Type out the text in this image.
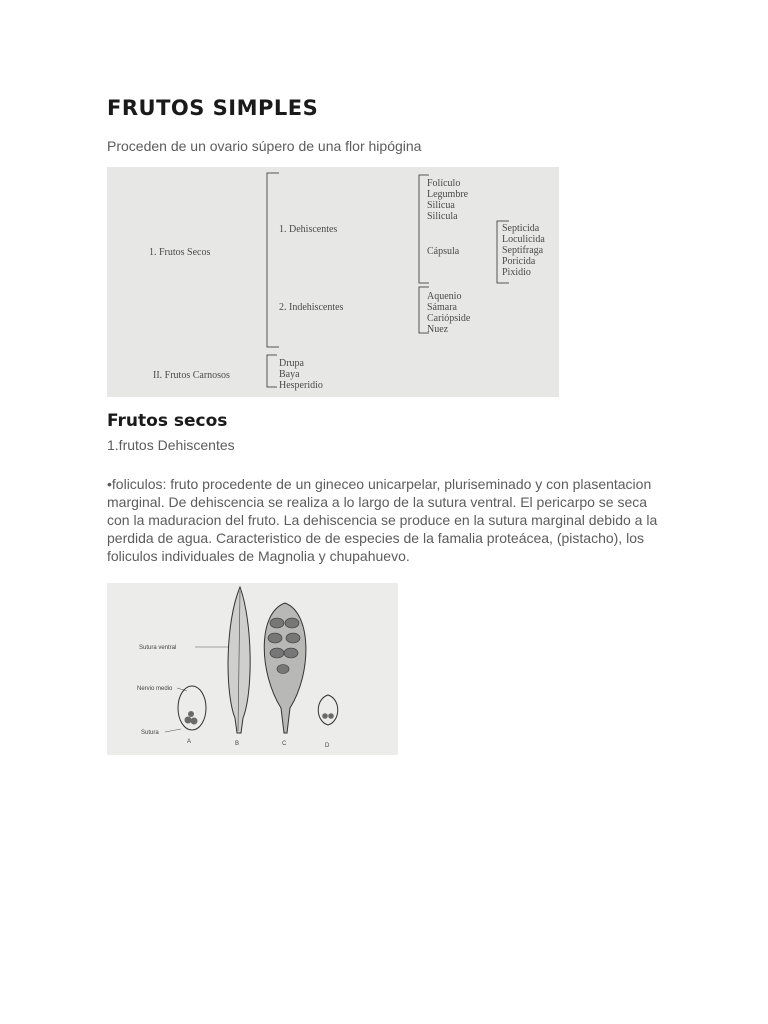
FRUTOS SIMPLES

Proceden de un ovario súpero de una flor hipógina

1. Frutos Secos
II. Frutos Carnosos
1. Dehiscentes
2. Indehiscentes
Folículo
Legumbre
Silicua
Silicula
Cápsula
Septicida
Loculicida
Septifraga
Poricida
Pixidio
Aquenio
Sámara
Cariópside
Nuez
Drupa
Baya
Hesperidio
Frutos secos

1.frutos Dehiscentes

•foliculos: fruto procedente de un gineceo unicarpelar, pluriseminado y con plasentacion marginal. De dehiscencia se realiza a lo largo de la sutura ventral. El pericarpo se seca con la maduracion del fruto. La dehiscencia se produce en la sutura marginal debido a la perdida de agua. Caracteristico de de especies de la famalia proteácea, (pistacho), los foliculos individuales de Magnolia y chupahuevo.

Sutura ventral
Nervio medio
Sutura
A	B	C	D
